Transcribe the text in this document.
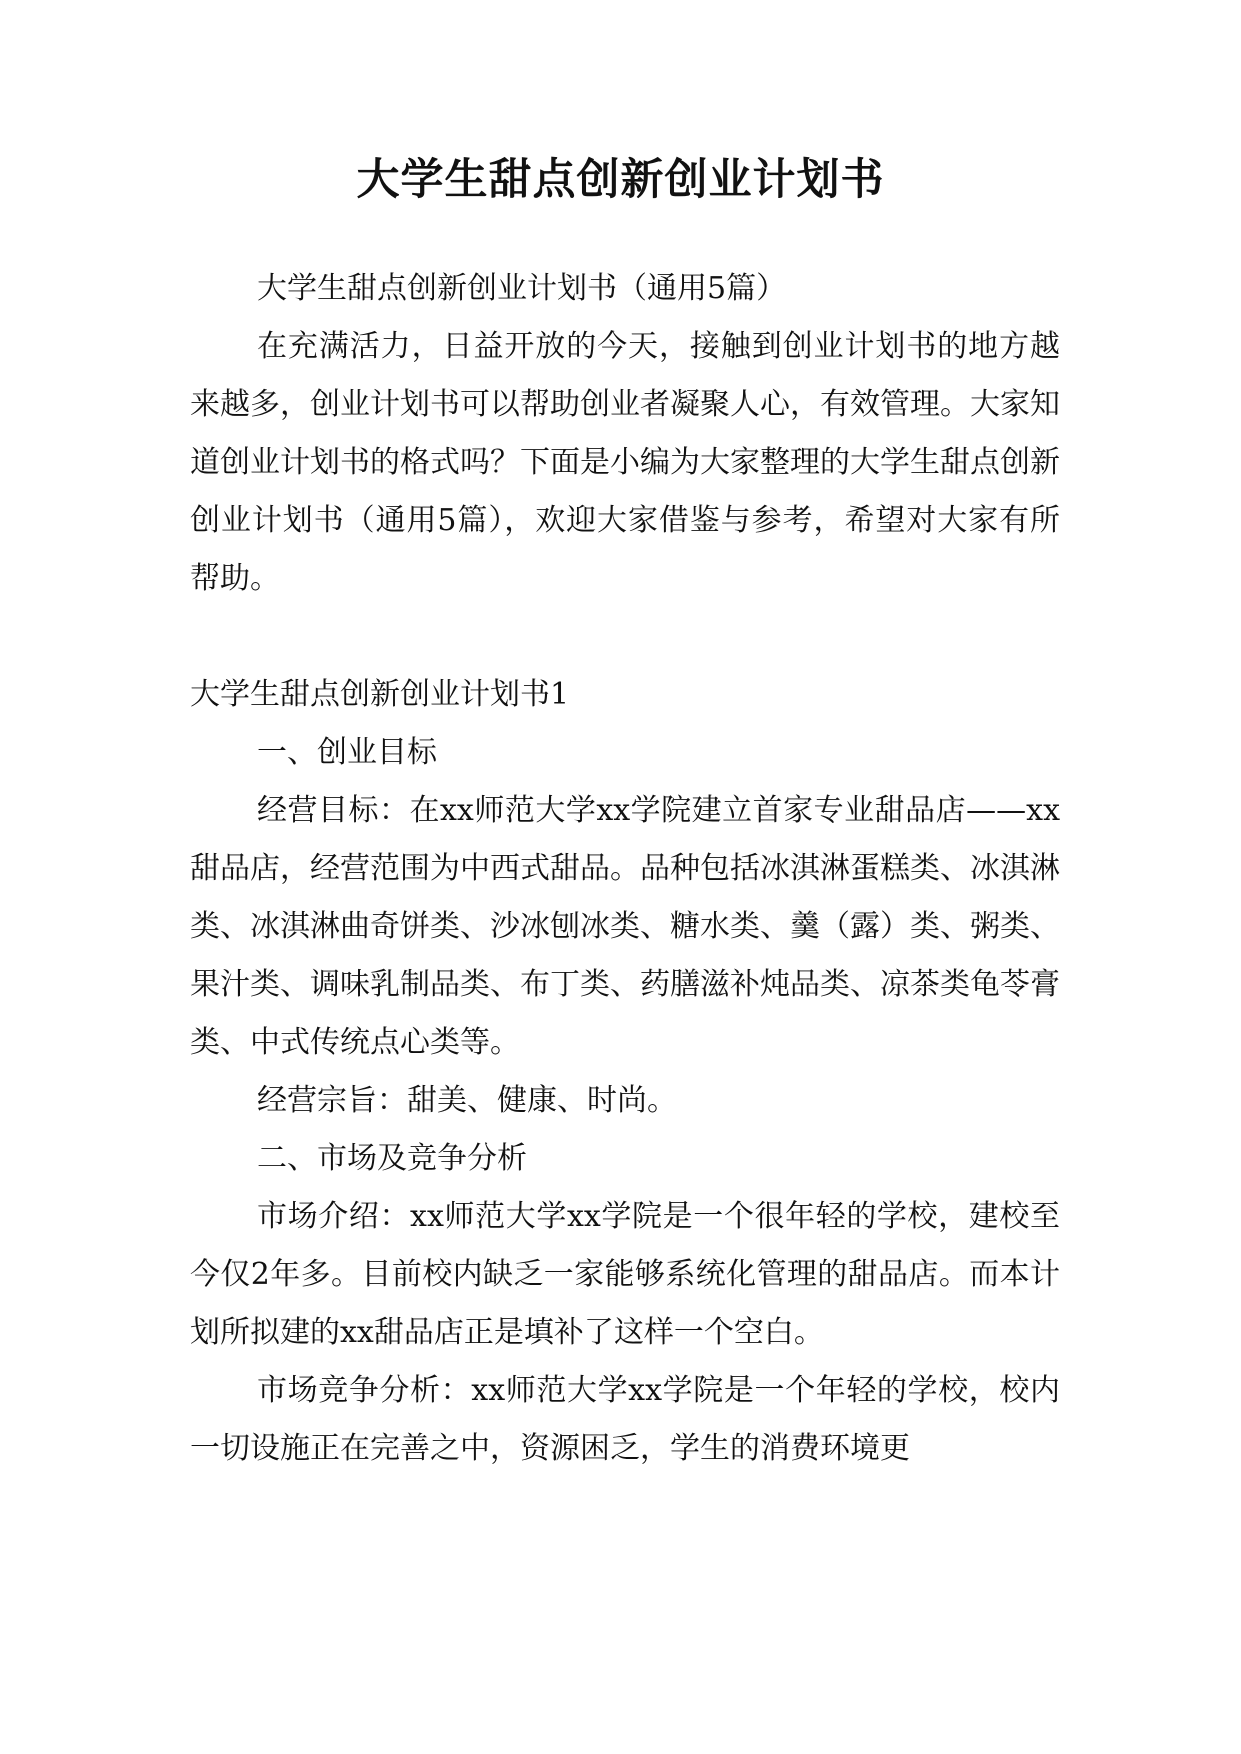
大学生甜点创新创业计划书

大学生甜点创新创业计划书（通用5篇）

在充满活力，日益开放的今天，接触到创业计划书的地方越来越多，创业计划书可以帮助创业者凝聚人心，有效管理。大家知道创业计划书的格式吗？下面是小编为大家整理的大学生甜点创新创业计划书（通用5篇），欢迎大家借鉴与参考，希望对大家有所帮助。

大学生甜点创新创业计划书1

一、创业目标

经营目标：在xx师范大学xx学院建立首家专业甜品店——xx甜品店，经营范围为中西式甜品。品种包括冰淇淋蛋糕类、冰淇淋类、冰淇淋曲奇饼类、沙冰刨冰类、糖水类、羹（露）类、粥类、果汁类、调味乳制品类、布丁类、药膳滋补炖品类、凉茶类龟苓膏类、中式传统点心类等。

经营宗旨：甜美、健康、时尚。

二、市场及竞争分析

市场介绍：xx师范大学xx学院是一个很年轻的学校，建校至今仅2年多。目前校内缺乏一家能够系统化管理的甜品店。而本计划所拟建的xx甜品店正是填补了这样一个空白。

市场竞争分析：xx师范大学xx学院是一个年轻的学校，校内一切设施正在完善之中，资源困乏，学生的消费环境更
